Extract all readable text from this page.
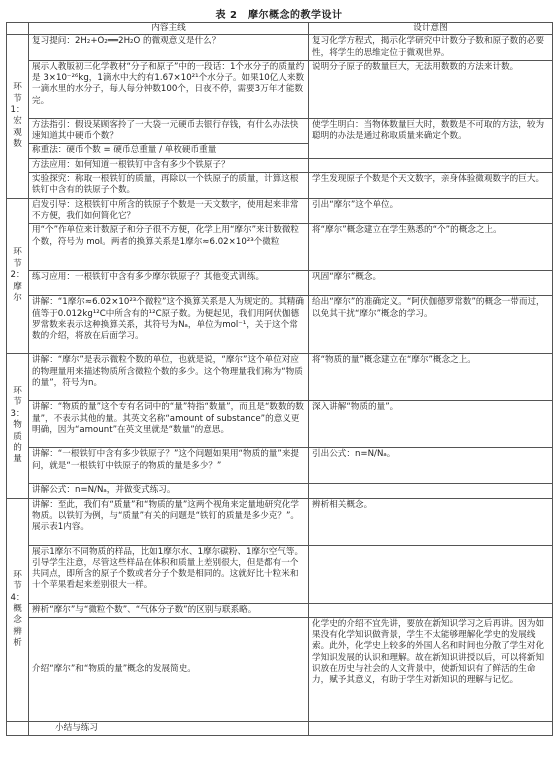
表 2　摩尔概念的教学设计
	内容主线	设计意图
环节1：宏观数	复习提问：2H₂+O₂══2H₂O 的微观意义是什么？	复习化学方程式，揭示化学研究中计数分子数和原子数的必要性，将学生的思维定位于微观世界。
	展示人教版初三化学教材“分子和原子”中的一段话：1个水分子的质量约是 3×10⁻²⁶kg，1滴水中大约有1.67×10²¹个水分子。如果10亿人来数一滴水里的水分子，每人每分钟数100个，日夜不停，需要3万年才能数完。	说明分子原子的数量巨大，无法用数数的方法来计数。
	方法指引：假设某顾客拎了一大袋一元硬币去银行存钱，有什么办法快速知道其中硬币个数？	使学生明白：当物体数量巨大时，数数是不可取的方法，较为聪明的办法是通过称取质量来确定个数。
	称重法：硬币个数 = 硬币总重量 / 单枚硬币重量	
	方法应用：如何知道一根铁钉中含有多少个铁原子？	
	实验探究：称取一根铁钉的质量，再除以一个铁原子的质量，计算这根铁钉中含有的铁原子个数。	学生发现原子个数是个天文数字，亲身体验微观数字的巨大。
环节2：摩尔	启发引导：这根铁钉中所含的铁原子个数是一天文数字，使用起来非常不方便，我们如何简化它？	引出“摩尔”这个单位。
	用“个”作单位来计数原子和分子很不方便，化学上用“摩尔”来计数微粒个数，符号为 mol。两者的换算关系是1摩尔≈6.02×10²³个微粒	将“摩尔”概念建立在学生熟悉的“个”的概念之上。
	练习应用：一根铁钉中含有多少摩尔铁原子？其他变式训练。	巩固“摩尔”概念。
	讲解：“1摩尔≈6.02×10²³个微粒”这个换算关系是人为规定的。其精确值等于0.012kg¹²C中所含有的¹²C原子数。为便起见，我们用阿伏伽德罗常数来表示这种换算关系，其符号为Nₐ，单位为mol⁻¹，关于这个常数的介绍，将放在后面学习。	给出“摩尔”的准确定义。“阿伏伽德罗常数”的概念一带而过，以免其干扰“摩尔”概念的学习。
环节3：物质的量	讲解：“摩尔”是表示微粒个数的单位，也就是说，“摩尔”这个单位对应的物理量用来描述物质所含微粒个数的多少。这个物理量我们称为“物质的量”，符号为n。	将“物质的量”概念建立在“摩尔”概念之上。
	讲解：“物质的量”这个专有名词中的“量”特指“数量”，而且是“数数的数量”，不表示其他的量。其英文名称“amount of substance”的意义更明确，因为“amount”在英文里就是“数量”的意思。	深入讲解“物质的量”。
	讲解：“一根铁钉中含有多少铁原子？”这个问题如果用“物质的量”来提问，就是“一根铁钉中铁原子的物质的量是多少？”	引出公式：n=N/Nₐ。
	讲解公式：n=N/Nₐ，并做变式练习。	
环节4：概念辨析	讲解：至此，我们有“质量”和“物质的量”这两个视角来定量地研究化学物质。以铁钉为例，与“质量”有关的问题是“铁钉的质量是多少克？”。展示表1内容。	辨析相关概念。
	展示1摩尔不同物质的样品，比如1摩尔水、1摩尔碳粉、1摩尔空气等。引导学生注意，尽管这些样品在体积和质量上差别很大，但是都有一个共同点，即所含的原子个数或者分子个数是相同的。这就好比十粒米和十个苹果看起来差别很大一样。	
	辨析“摩尔”与“微粒个数”、“气体分子数”的区别与联系略。	
	介绍“摩尔”和“物质的量”概念的发展简史。	化学史的介绍不宜先讲，要放在新知识学习之后再讲。因为如果没有化学知识做背景，学生不太能够理解化学史的发展线索。此外，化学史上较多的外国人名和时间也分散了学生对化学知识发展的认识和理解。故在新知识讲授以后，可以将新知识放在历史与社会的人文背景中，使新知识有了鲜活的生命力，赋予其意义，有助于学生对新知识的理解与记忆。
	小结与练习	
